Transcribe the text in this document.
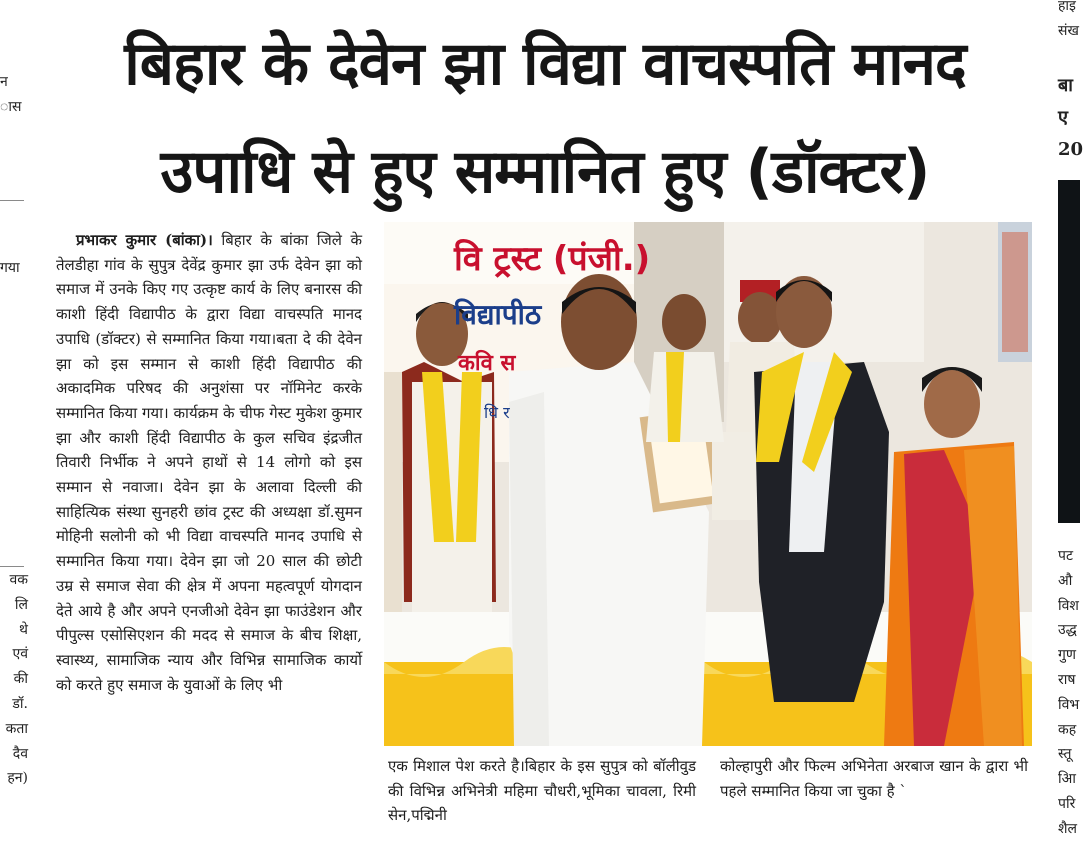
बिहार के देवेन झा विद्या वाचस्पति मानद
उपाधि से हुए सम्मानित हुए (डॉक्टर)
न
ास
गया
वक
लि
थे
एवं
की
डॉ.
कता
दैव
हन)
प्रभाकर कुमार (बांका)। बिहार के बांका जिले के तेलडीहा गांव के सुपुत्र देवेंद्र कुमार झा उर्फ देवेन झा को समाज में उनके किए गए उत्कृष्ट कार्य के लिए बनारस की काशी हिंदी विद्यापीठ के द्वारा विद्या वाचस्पति मानद उपाधि (डॉक्टर) से सम्मानित किया गया।बता दे की देवेन झा को इस सम्मान से काशी हिंदी विद्यापीठ की अकादमिक परिषद की अनुशंसा पर नॉमिनेट करके सम्मानित किया गया। कार्यक्रम के चीफ गेस्ट मुकेश कुमार झा और काशी हिंदी विद्यापीठ के कुल सचिव इंद्रजीत तिवारी निर्भीक ने अपने हाथों से 14 लोगो को इस सम्मान से नवाजा। देवेन झा के अलावा दिल्ली की साहित्यिक संस्था सुनहरी छांव ट्रस्ट की अध्यक्षा डॉ.सुमन मोहिनी सलोनी को भी विद्या वाचस्पति मानद उपाधि से सम्मानित किया गया। देवेन झा जो 20 साल की छोटी उम्र से समाज सेवा की क्षेत्र में अपना महत्वपूर्ण योगदान देते आये है और अपने एनजीओ देवेन झा फाउंडेशन और पीपुल्स एसोसिएशन की मदद से समाज के बीच शिक्षा, स्वास्थ्य, सामाजिक न्याय और विभिन्न सामाजिक कार्यो को करते हुए समाज के युवाओं के लिए भी
वि ट्रस्ट (पंजी.)
विद्यापीठ
कवि स
धि र
एक मिशाल पेश करते है।बिहार के इस सुपुत्र को बॉलीवुड की विभिन्न अभिनेत्री महिमा चौधरी,भूमिका चावला, रिमी सेन,पद्मिनी
कोल्हापुरी और फिल्म अभिनेता अरबाज खान के द्वारा भी पहले सम्मानित किया जा चुका है `
हाइ
संख
बा
ए
20
पट
औ
विश
उद्ध
गुण
राष
विभ
कह
स्तू
आि
परि
शैल
